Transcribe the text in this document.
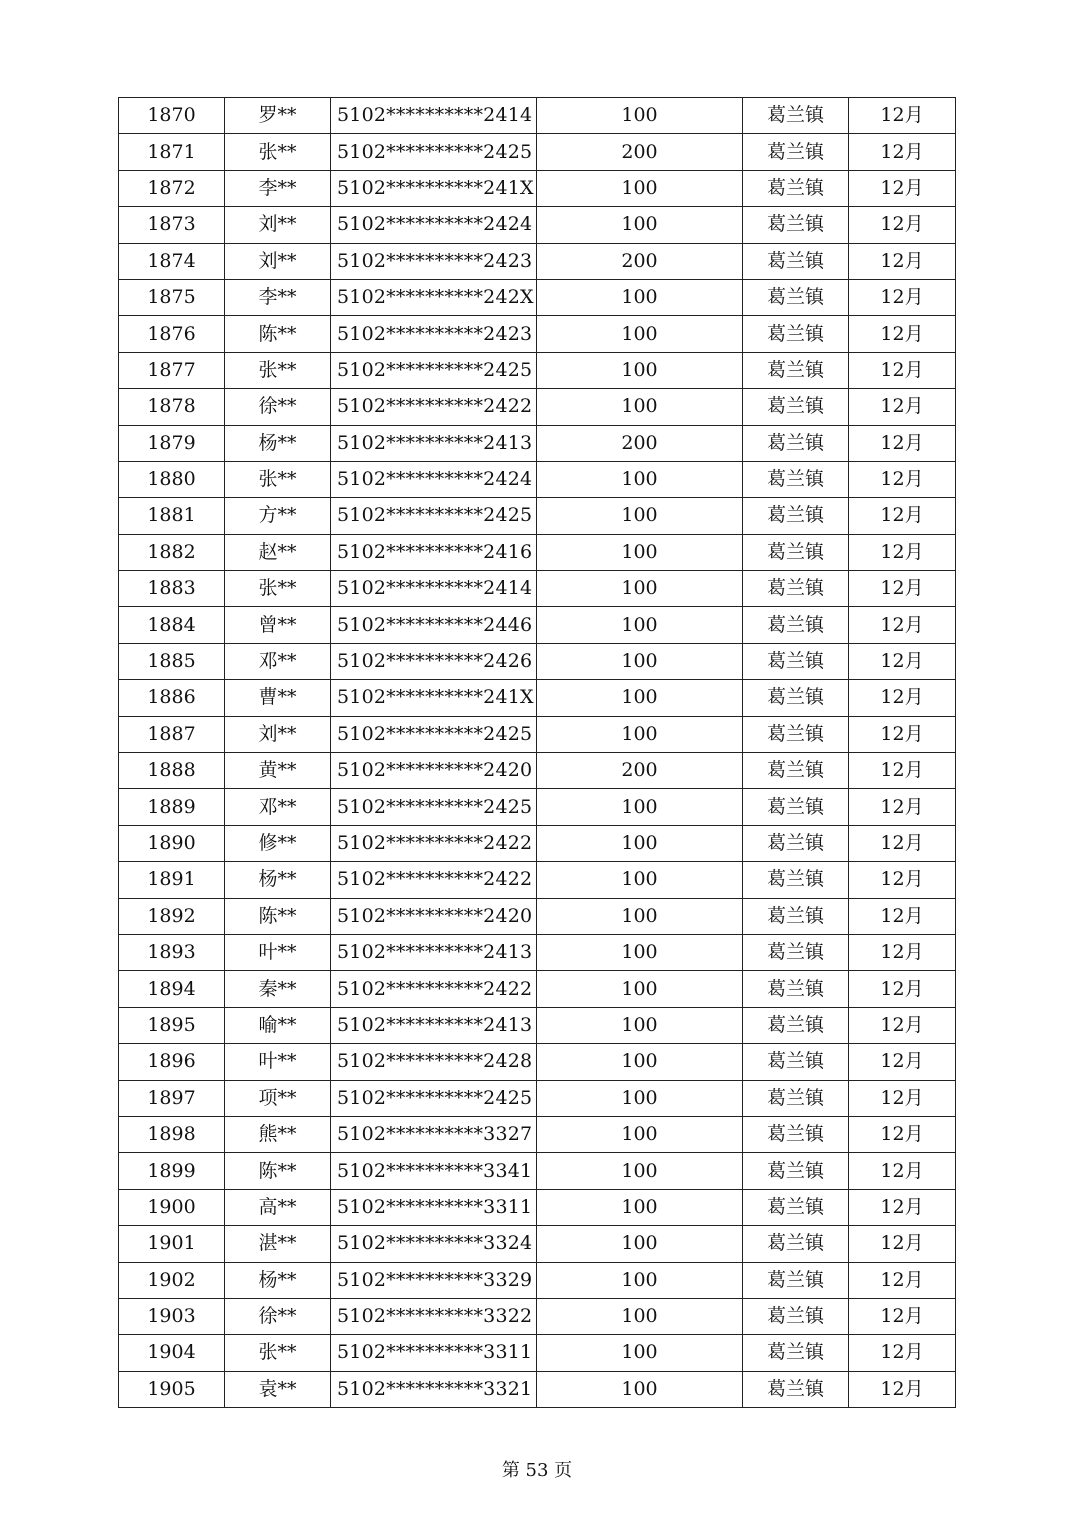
1870	罗**	5102**********2414	100	葛兰镇	12月
1871	张**	5102**********2425	200	葛兰镇	12月
1872	李**	5102**********241X	100	葛兰镇	12月
1873	刘**	5102**********2424	100	葛兰镇	12月
1874	刘**	5102**********2423	200	葛兰镇	12月
1875	李**	5102**********242X	100	葛兰镇	12月
1876	陈**	5102**********2423	100	葛兰镇	12月
1877	张**	5102**********2425	100	葛兰镇	12月
1878	徐**	5102**********2422	100	葛兰镇	12月
1879	杨**	5102**********2413	200	葛兰镇	12月
1880	张**	5102**********2424	100	葛兰镇	12月
1881	方**	5102**********2425	100	葛兰镇	12月
1882	赵**	5102**********2416	100	葛兰镇	12月
1883	张**	5102**********2414	100	葛兰镇	12月
1884	曾**	5102**********2446	100	葛兰镇	12月
1885	邓**	5102**********2426	100	葛兰镇	12月
1886	曹**	5102**********241X	100	葛兰镇	12月
1887	刘**	5102**********2425	100	葛兰镇	12月
1888	黄**	5102**********2420	200	葛兰镇	12月
1889	邓**	5102**********2425	100	葛兰镇	12月
1890	修**	5102**********2422	100	葛兰镇	12月
1891	杨**	5102**********2422	100	葛兰镇	12月
1892	陈**	5102**********2420	100	葛兰镇	12月
1893	叶**	5102**********2413	100	葛兰镇	12月
1894	秦**	5102**********2422	100	葛兰镇	12月
1895	喻**	5102**********2413	100	葛兰镇	12月
1896	叶**	5102**********2428	100	葛兰镇	12月
1897	项**	5102**********2425	100	葛兰镇	12月
1898	熊**	5102**********3327	100	葛兰镇	12月
1899	陈**	5102**********3341	100	葛兰镇	12月
1900	高**	5102**********3311	100	葛兰镇	12月
1901	湛**	5102**********3324	100	葛兰镇	12月
1902	杨**	5102**********3329	100	葛兰镇	12月
1903	徐**	5102**********3322	100	葛兰镇	12月
1904	张**	5102**********3311	100	葛兰镇	12月
1905	袁**	5102**********3321	100	葛兰镇	12月
第 53 页
